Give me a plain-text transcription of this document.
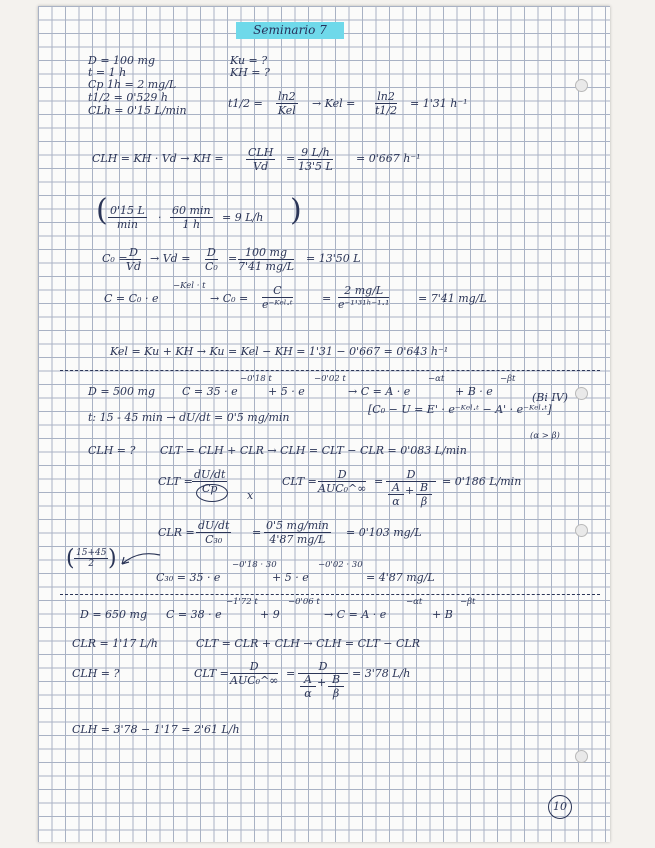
Seminario 7
D = 100 mg
t = 1 h
Cp 1h = 2 mg/L
t1/2 = 0'529 h
CLh = 0'15 L/min
Ku = ?
KH = ?
t1/2 =
ln2
Kel
→ Kel = $\frac{\ln 2}{t1/2} = 1'31$ h⁻¹
CLH = KH · Vd → KH = CLH
Vd
= $\frac{9 L/h}{13'5 L} = 0'667$ h⁻¹
( 0'15 L
min
·
60 min
1 h
= 9 L/h )
C₀ =
$\frac{D}{Vd} \to Vd = \frac{D}{\text{C₀}} = \frac{100 mg}{7'41 mg/L} = 13'50$ L
C = C₀ · e
−Kel · t
→ C₀ =
C
e⁻ᴷᵉˡ·ᵗ	= $\frac{2 mg/L}{\text{e⁻¹'³¹ʰ⁻¹·¹}}$	= 7'41 mg/L
Kel = Ku + KH → Ku = Kel − KH = 1'31 − 0'667 = 0'643 h⁻¹
D = 500 mg C = 35 · e
−0'18 t
+ 5 · e
−0'02 t
→ C = A · e
−αt
+ B · e
−βt
(Bi IV)
[C₀ − U = E' · e⁻ᴷᵉˡ·ᵗ − A' · e⁻ᴷᵉˡ·ᵗ]
t: 15 - 45 min → dU/dt = 0'5 mg/min
(α > β)
CLH = ? CLT = CLH + CLR → CLH = CLT − CLR = 0'083 L/min
CLT = $\frac{dU/dt}{Cp}$ x
CLT =
D
AUC₀^∞
= D
A
α
+ B
β = 0'186 L/min
CLR = $\frac{dU/dt}{\text{C₃₀}}$ =
0'5 mg/min
4'87 mg/L
= 0'103 mg/L
( $\frac{15+45}{2}$ )
C₃₀ = 35 · e
−0'18 · 30
+ 5 · e
−0'02 · 30
= 4'87 mg/L
D = 650 mg C = 38 · e
−1'72 t
+ 9
−0'06 t
→ C = A · e
−αt
+ B
−βt
CLR = 1'17 L/h	CLT = CLR + CLH → CLH = CLT − CLR
CLH = ?	CLT =
D
AUC₀^∞
= D
A
α
+ B
β = 3'78 L/h
CLH = 3'78 − 1'17 = 2'61 L/h
10
